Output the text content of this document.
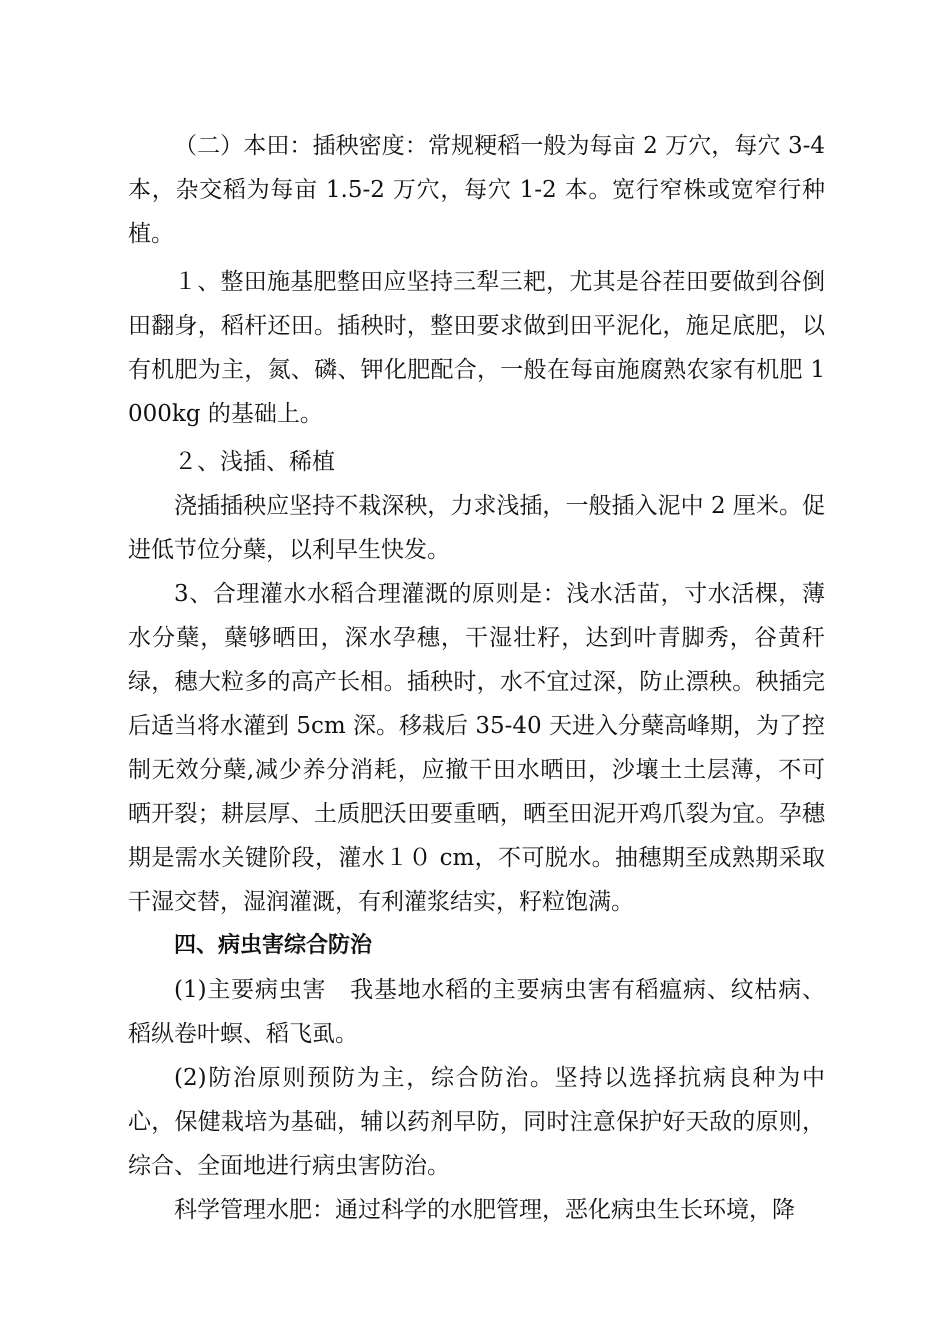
（二）本田：插秧密度：常规粳稻一般为每亩 2 万穴，每穴 3-4 本，杂交稻为每亩 1.5-2 万穴，每穴 1-2 本。宽行窄株或宽窄行种植。

１、整田施基肥整田应坚持三犁三耙，尤其是谷茬田要做到谷倒田翻身，稻杆还田。插秧时，整田要求做到田平泥化，施足底肥，以有机肥为主，氮、磷、钾化肥配合，一般在每亩施腐熟农家有机肥 1000kg 的基础上。

２、浅插、稀植

浇插插秧应坚持不栽深秧，力求浅插，一般插入泥中 2 厘米。促进低节位分蘖，以利早生快发。

3、合理灌水水稻合理灌溉的原则是：浅水活苗，寸水活棵，薄水分蘖，蘖够晒田，深水孕穗，干湿壮籽，达到叶青脚秀，谷黄秆绿，穗大粒多的高产长相。插秧时，水不宜过深，防止漂秧。秧插完后适当将水灌到 5cm 深。移栽后 35-40 天进入分蘖高峰期，为了控制无效分蘖,减少养分消耗，应撤干田水晒田，沙壤土土层薄，不可晒开裂；耕层厚、土质肥沃田要重晒，晒至田泥开鸡爪裂为宜。孕穗期是需水关键阶段，灌水１０ cm，不可脱水。抽穗期至成熟期采取干湿交替，湿润灌溉，有利灌浆结实，籽粒饱满。

四、病虫害综合防治

(1)主要病虫害　我基地水稻的主要病虫害有稻瘟病、纹枯病、稻纵卷叶螟、稻飞虱。

(2)防治原则预防为主，综合防治。坚持以选择抗病良种为中心，保健栽培为基础，辅以药剂早防，同时注意保护好天敌的原则，综合、全面地进行病虫害防治。

科学管理水肥：通过科学的水肥管理，恶化病虫生长环境，降
